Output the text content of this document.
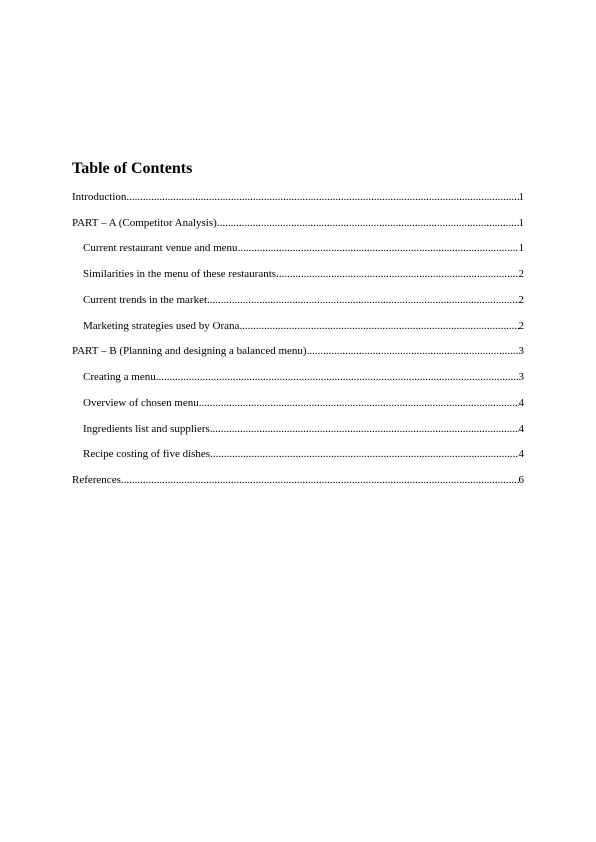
Table of Contents
Introduction .....	1
PART – A (Competitor Analysis) .....	1
Current restaurant venue and menu .....	1
Similarities in the menu of these restaurants .....	2
Current trends in the market .....	2
Marketing strategies used by Orana .....	2
PART – B (Planning and designing a balanced menu) .....	3
Creating a menu .....	3
Overview of chosen menu .....	4
Ingredients list and suppliers .....	4
Recipe costing of five dishes .....	4
References .....	6
